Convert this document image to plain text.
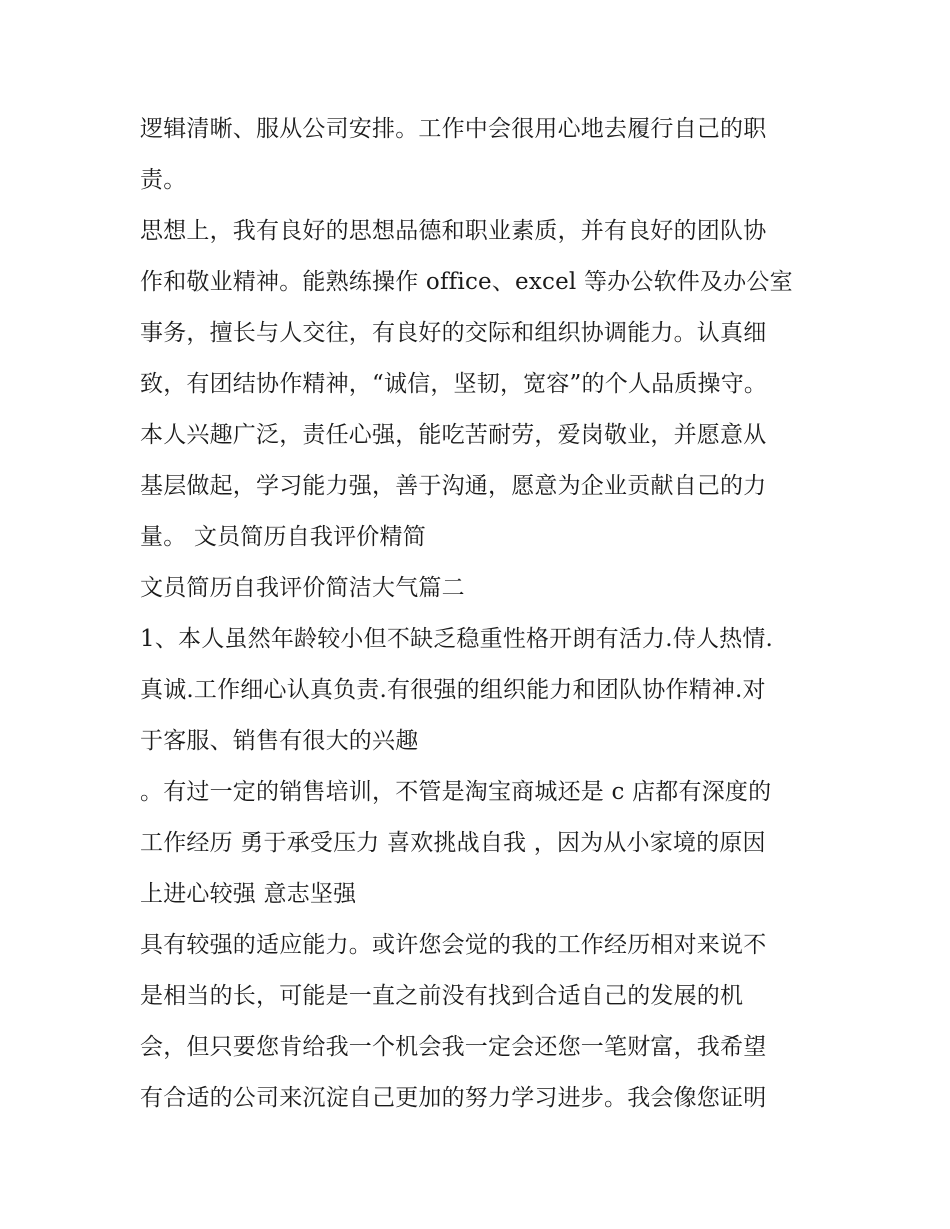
逻辑清晰、服从公司安排。工作中会很用心地去履行自己的职
责。
思想上，我有良好的思想品德和职业素质，并有良好的团队协
作和敬业精神。能熟练操作 office、excel 等办公软件及办公室
事务，擅长与人交往，有良好的交际和组织协调能力。认真细
致，有团结协作精神，“诚信，坚韧，宽容”的个人品质操守。
本人兴趣广泛，责任心强，能吃苦耐劳，爱岗敬业，并愿意从
基层做起，学习能力强，善于沟通，愿意为企业贡献自己的力
量。 文员简历自我评价精简
文员简历自我评价简洁大气篇二
1、本人虽然年龄较小但不缺乏稳重性格开朗有活力.侍人热情.
真诚.工作细心认真负责.有很强的组织能力和团队协作精神.对
于客服、销售有很大的兴趣
。有过一定的销售培训，不管是淘宝商城还是 c 店都有深度的
工作经历 勇于承受压力 喜欢挑战自我 ，因为从小家境的原因
上进心较强 意志坚强
具有较强的适应能力。或许您会觉的我的工作经历相对来说不
是相当的长，可能是一直之前没有找到合适自己的发展的机
会，但只要您肯给我一个机会我一定会还您一笔财富，我希望
有合适的公司来沉淀自己更加的努力学习进步。我会像您证明
